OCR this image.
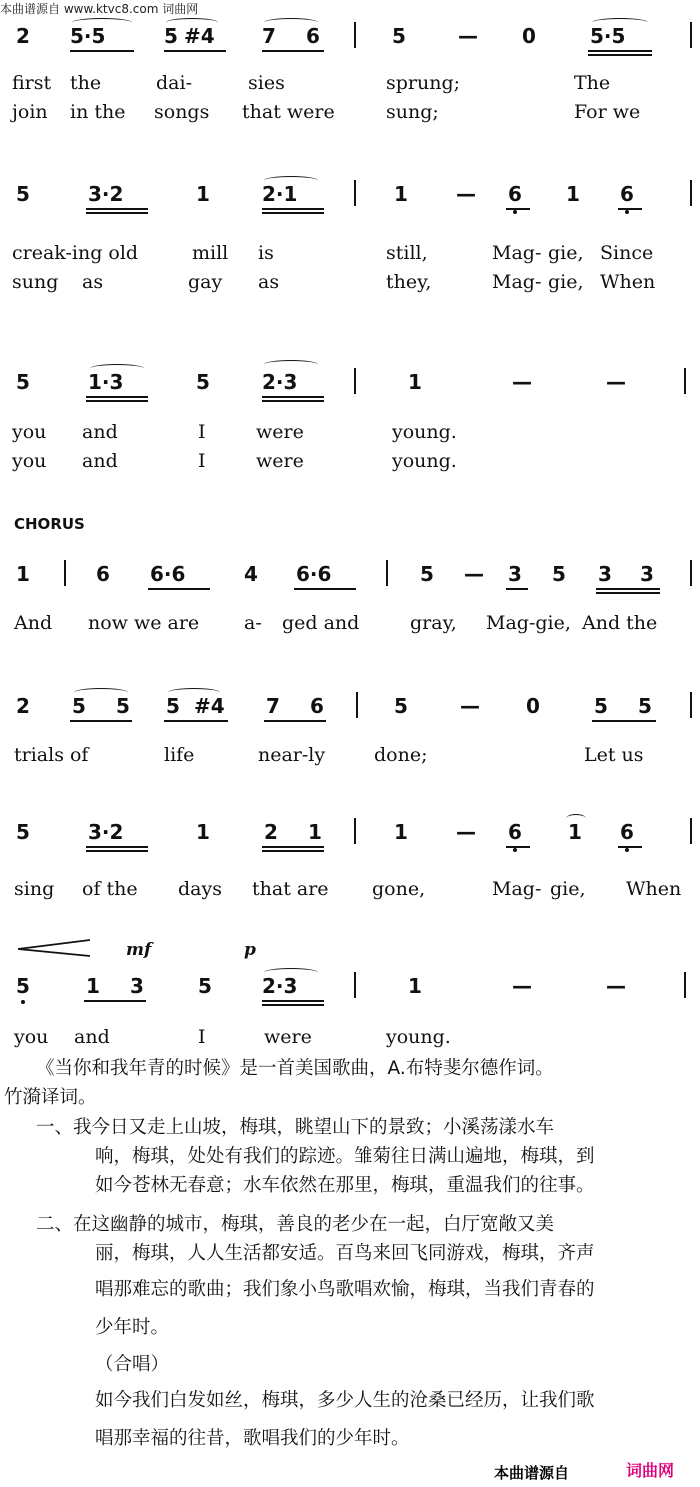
本曲谱源自 www.ktvc8.com 词曲网
2 5·5	5 #4 7 6	5	— 0	5·5
first the	dai-	sies	sprung;	The
join in the songs that were	sung;	For we
5	3·2	1	2·1	1 — 6 1 6
creak-ing old	mill is	still,	Mag- gie, Since
sung as	gay as	they,	Mag- gie, When
5	1·3	5	2·3	1	—	—
you and	I	were	young.
you and	I	were	young.
CHORUS
1	6 6·6	4 6·6	5 — 3 5 3 3
And now we are a- ged and	gray, Mag-gie, And the
2 5 5 5 #4 7 6	5	— 0	5 5
trials of	life	near-ly	done;	Let us
5	3·2	1	2 1	1 — 6 1 6
sing of the days that are gone,	Mag- gie, When
mf	p
5	1 3	5	2·3	1	—	—
you and	I	were	young.
《当你和我年青的时候》是一首美国歌曲，A.布特斐尔德作词。
竹漪译词。
一、我今日又走上山坡，梅琪，眺望山下的景致；小溪荡漾水车
响，梅琪，处处有我们的踪迹。雏菊往日满山遍地，梅琪，到
如今苍林无春意；水车依然在那里，梅琪，重温我们的往事。
二、在这幽静的城市，梅琪，善良的老少在一起，白厅宽敞又美
丽，梅琪，人人生活都安适。百鸟来回飞同游戏，梅琪，齐声
唱那难忘的歌曲；我们象小鸟歌唱欢愉，梅琪，当我们青春的
少年时。
（合唱）
如今我们白发如丝，梅琪，多少人生的沧桑已经历，让我们歌
唱那幸福的往昔，歌唱我们的少年时。
本曲谱源自	词曲网
